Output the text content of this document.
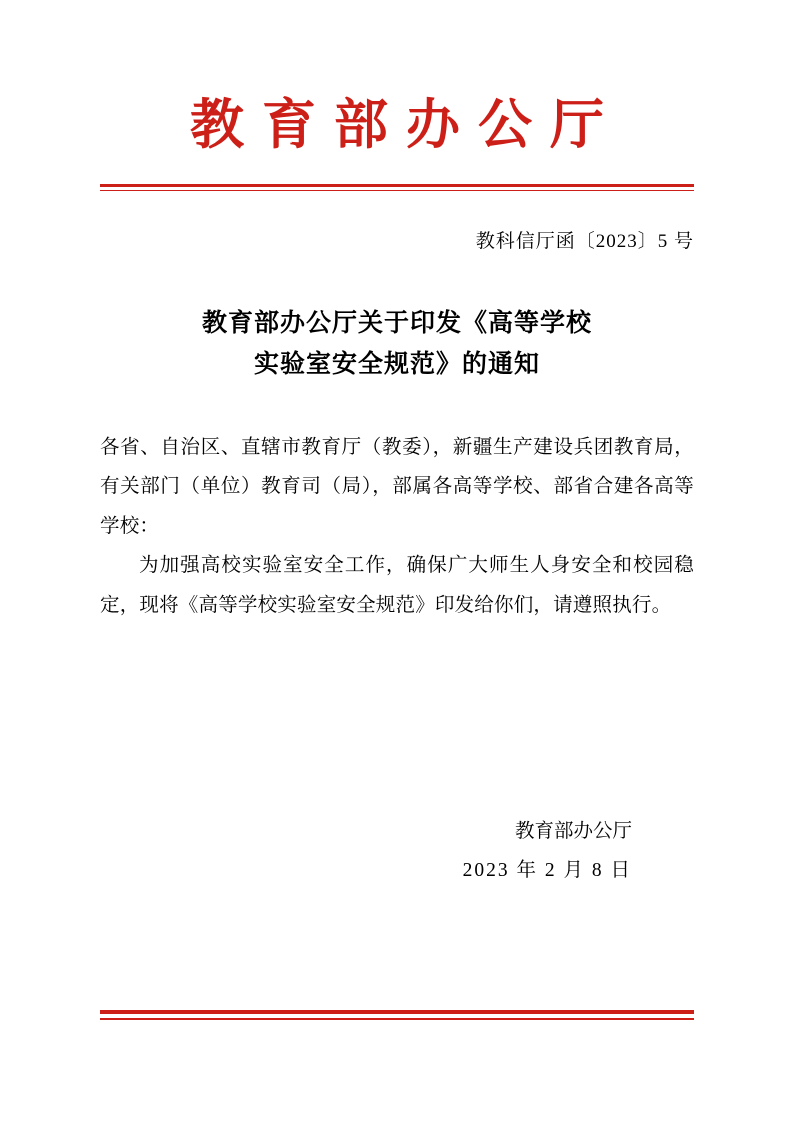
教育部办公厅
教科信厅函〔2023〕5 号
教育部办公厅关于印发《高等学校
实验室安全规范》的通知

各省、自治区、直辖市教育厅（教委），新疆生产建设兵团教育局，有关部门（单位）教育司（局），部属各高等学校、部省合建各高等学校：

为加强高校实验室安全工作，确保广大师生人身安全和校园稳定，现将《高等学校实验室安全规范》印发给你们，请遵照执行。

教育部办公厅
2023 年 2 月 8 日
